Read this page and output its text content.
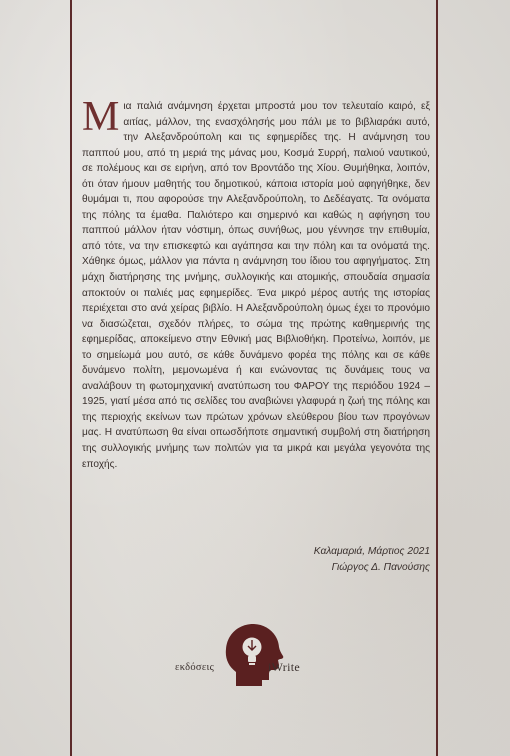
Μ ια παλιά ανάμνηση έρχεται μπροστά μου τον τελευταίο καιρό, εξ αιτίας, μάλλον, της ενασχόλησής μου πάλι με το βιβλιαράκι αυτό, την Αλεξανδρούπολη και τις εφημερίδες της. Η ανάμνηση του παππού μου, από τη μεριά της μάνας μου, Κοσμά Συρρή, παλιού ναυτικού, σε πολέμους και σε ειρήνη, από τον Βροντάδο της Χίου. Θυμήθηκα, λοιπόν, ότι όταν ήμουν μαθητής του δημοτικού, κάποια ιστορία μού αφηγήθηκε, δεν θυμάμαι τι, που αφορούσε την Αλεξανδρούπολη, το Δεδέαγατς. Τα ονόματα της πόλης τα έμαθα. Παλιότερο και σημερινό και καθώς η αφήγηση του παππού μάλλον ήταν νόστιμη, όπως συνήθως, μου γέννησε την επιθυμία, από τότε, να την επισκεφτώ και αγάπησα και την πόλη και τα ονόματά της. Χάθηκε όμως, μάλλον για πάντα η ανάμνηση του ίδιου του αφηγήματος. Στη μάχη διατήρησης της μνήμης, συλλογικής και ατομικής, σπουδαία σημασία αποκτούν οι παλιές μας εφημερίδες. Ένα μικρό μέρος αυτής της ιστορίας περιέχεται στο ανά χείρας βιβλίο. Η Αλεξανδρούπολη όμως έχει το προνόμιο να διασώζεται, σχεδόν πλήρες, το σώμα της πρώτης καθημερινής της εφημερίδας, αποκείμενο στην Εθνική μας Βιβλιοθήκη. Προτείνω, λοιπόν, με το σημείωμά μου αυτό, σε κάθε δυνάμενο φορέα της πόλης και σε κάθε δυνάμενο πολίτη, μεμονωμένα ή και ενώνοντας τις δυνάμεις τους να αναλάβουν τη φωτομηχανική ανατύπωση του ΦΑΡΟΥ της περιόδου 1924 – 1925, γιατί μέσα από τις σελίδες του αναβιώνει γλαφυρά η ζωή της πόλης και της περιοχής εκείνων των πρώτων χρόνων ελεύθερου βίου των προγόνων μας. Η ανατύπωση θα είναι οπωσδήποτε σημαντική συμβολή στη διατήρηση της συλλογικής μνήμης των πολιτών για τα μικρά και μεγάλα γεγονότα της εποχής.

Καλαμαριά, Μάρτιος 2021
Γιώργος Δ. Πανούσης
εκδόσεις	iWrite
